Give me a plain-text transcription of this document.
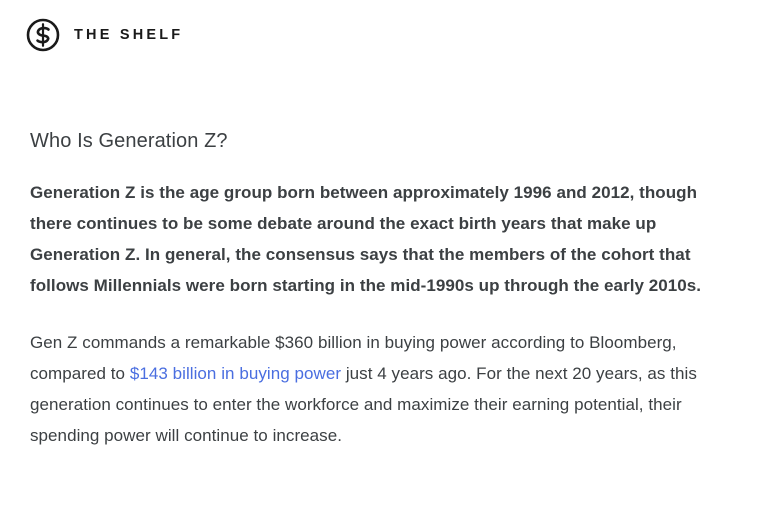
THE SHELF
Who Is Generation Z?

Generation Z is the age group born between approximately 1996 and 2012, though there continues to be some debate around the exact birth years that make up Generation Z. In general, the consensus says that the members of the cohort that follows Millennials were born starting in the mid-1990s up through the early 2010s.

Gen Z commands a remarkable $360 billion in buying power according to Bloomberg, compared to $143 billion in buying power just 4 years ago. For the next 20 years, as this generation continues to enter the workforce and maximize their earning potential, their spending power will continue to increase.
